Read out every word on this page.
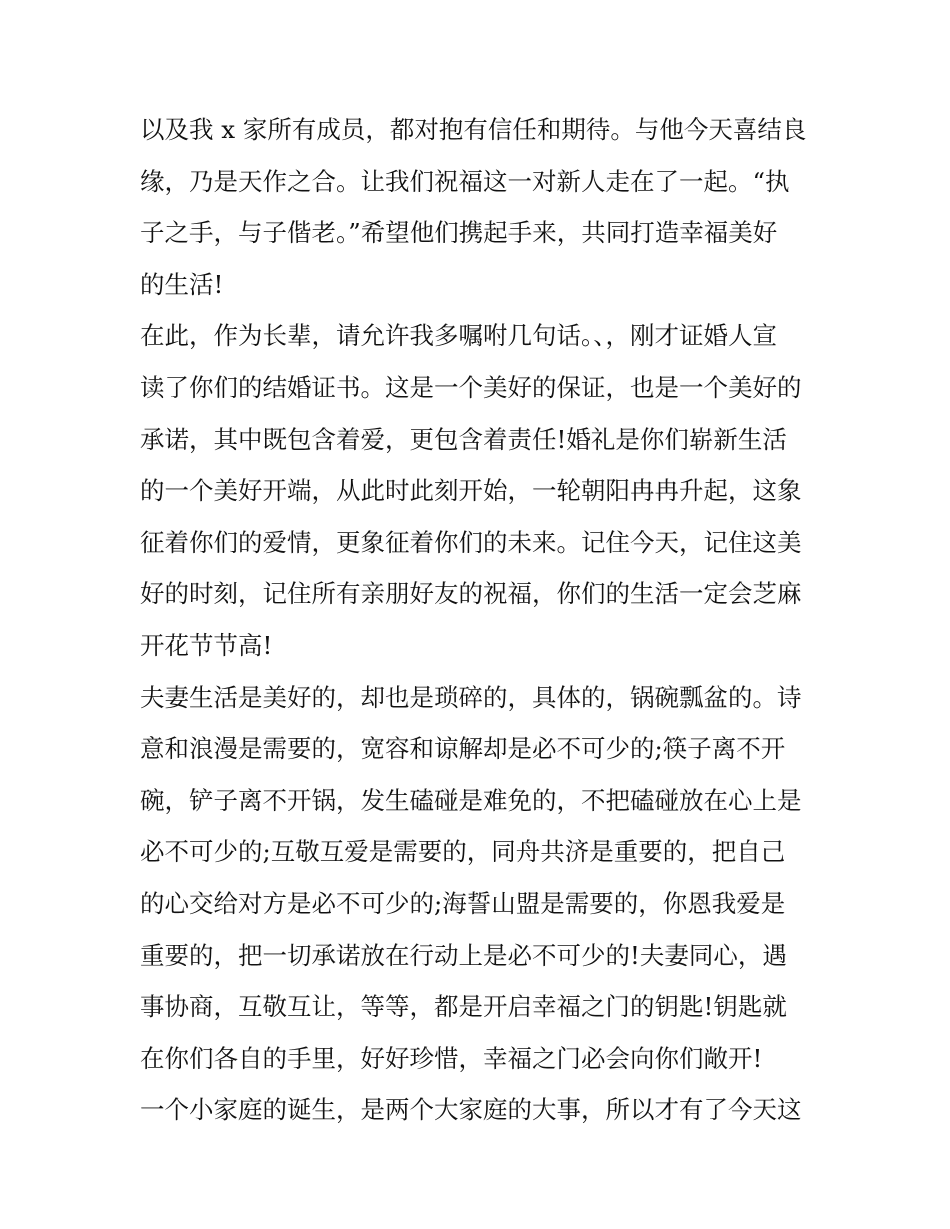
以及我 x 家所有成员，都对抱有信任和期待。与他今天喜结良
缘，乃是天作之合。让我们祝福这一对新人走在了一起。“执
子之手，与子偕老。”希望他们携起手来，共同打造幸福美好
的生活!
在此，作为长辈，请允许我多嘱咐几句话。、，刚才证婚人宣
读了你们的结婚证书。这是一个美好的保证，也是一个美好的
承诺，其中既包含着爱，更包含着责任!婚礼是你们崭新生活
的一个美好开端，从此时此刻开始，一轮朝阳冉冉升起，这象
征着你们的爱情，更象征着你们的未来。记住今天，记住这美
好的时刻，记住所有亲朋好友的祝福，你们的生活一定会芝麻
开花节节高!
夫妻生活是美好的，却也是琐碎的，具体的，锅碗瓢盆的。诗
意和浪漫是需要的，宽容和谅解却是必不可少的;筷子离不开
碗，铲子离不开锅，发生磕碰是难免的，不把磕碰放在心上是
必不可少的;互敬互爱是需要的，同舟共济是重要的，把自己
的心交给对方是必不可少的;海誓山盟是需要的，你恩我爱是
重要的，把一切承诺放在行动上是必不可少的!夫妻同心，遇
事协商，互敬互让，等等，都是开启幸福之门的钥匙!钥匙就
在你们各自的手里，好好珍惜，幸福之门必会向你们敞开!
一个小家庭的诞生，是两个大家庭的大事，所以才有了今天这
